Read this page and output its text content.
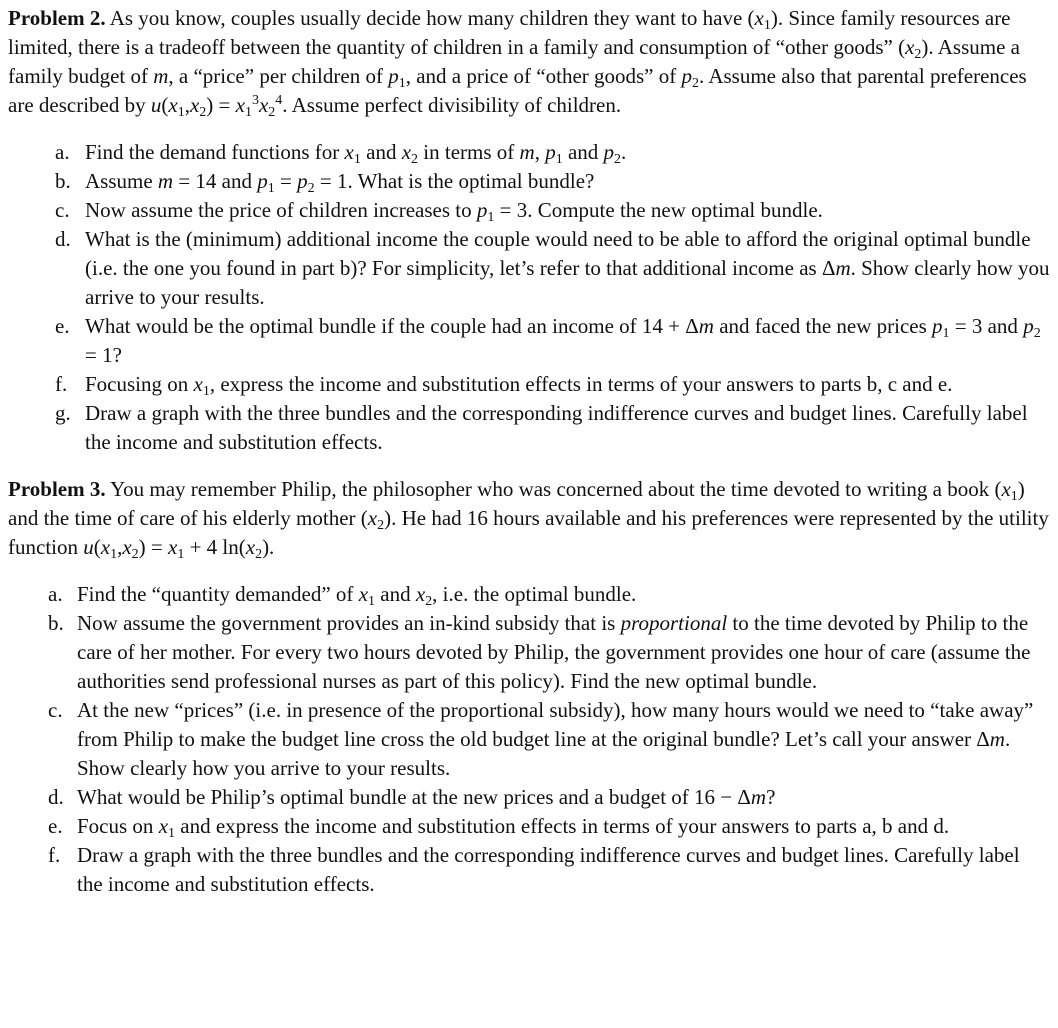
Problem 2. As you know, couples usually decide how many children they want to have $(x_1)$. Since family resources are limited, there is a tradeoff between the quantity of children in a family and consumption of “other goods” $(x_2)$. Assume a family budget of m, a “price” per children of $p_1$, and a price of “other goods” of $p_2$. Assume also that parental preferences are described by $u(x_1,x_2) = x_1^3x_2^4$. Assume perfect divisibility of children.

a. Find the demand functions for $x_1$ and $x_2$ in terms of m, $p_1$ and $p_2$.
b. Assume m = 14 and $p_1 = p_2 = 1$. What is the optimal bundle?
c. Now assume the price of children increases to $p_1 = 3$. Compute the new optimal bundle.
d. What is the (minimum) additional income the couple would need to be able to afford the original optimal bundle (i.e. the one you found in part b)? For simplicity, let’s refer to that additional income as Δm. Show clearly how you arrive to your results.
e. What would be the optimal bundle if the couple had an income of 14 + Δm and faced the new prices $p_1 = 3$ and $p_2 = 1$?
f. Focusing on $x_1$, express the income and substitution effects in terms of your answers to parts b, c and e.
g. Draw a graph with the three bundles and the corresponding indifference curves and budget lines. Carefully label the income and substitution effects.

Problem 3. You may remember Philip, the philosopher who was concerned about the time devoted to writing a book $(x_1)$ and the time of care of his elderly mother $(x_2)$. He had 16 hours available and his preferences were represented by the utility function $u(x_1,x_2) = x_1 + 4$ $\ln(x_2)$.

a. Find the “quantity demanded” of $x_1$ and $x_2$, i.e. the optimal bundle.
b. Now assume the government provides an in-kind subsidy that is proportional to the time devoted by Philip to the care of her mother. For every two hours devoted by Philip, the government provides one hour of care (assume the authorities send professional nurses as part of this policy). Find the new optimal bundle.
c. At the new “prices” (i.e. in presence of the proportional subsidy), how many hours would we need to “take away” from Philip to make the budget line cross the old budget line at the original bundle? Let’s call your answer Δm. Show clearly how you arrive to your results.
d. What would be Philip’s optimal bundle at the new prices and a budget of 16 − Δm?
e. Focus on $x_1$ and express the income and substitution effects in terms of your answers to parts a, b and d.
f. Draw a graph with the three bundles and the corresponding indifference curves and budget lines. Carefully label the income and substitution effects.
